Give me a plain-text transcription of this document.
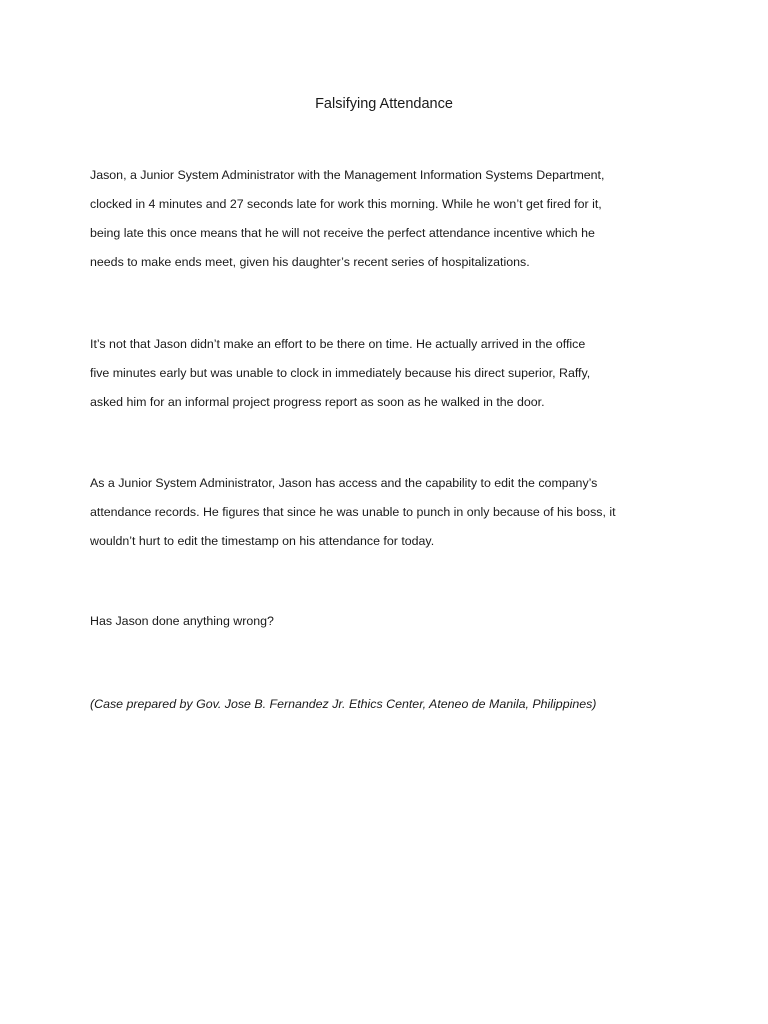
Falsifying Attendance

Jason, a Junior System Administrator with the Management Information Systems Department,
clocked in 4 minutes and 27 seconds late for work this morning. While he won’t get fired for it,
being late this once means that he will not receive the perfect attendance incentive which he
needs to make ends meet, given his daughter’s recent series of hospitalizations.

It’s not that Jason didn’t make an effort to be there on time. He actually arrived in the office
five minutes early but was unable to clock in immediately because his direct superior, Raffy,
asked him for an informal project progress report as soon as he walked in the door.

As a Junior System Administrator, Jason has access and the capability to edit the company’s
attendance records. He figures that since he was unable to punch in only because of his boss, it
wouldn’t hurt to edit the timestamp on his attendance for today.

Has Jason done anything wrong?

(Case prepared by Gov. Jose B. Fernandez Jr. Ethics Center, Ateneo de Manila, Philippines)
